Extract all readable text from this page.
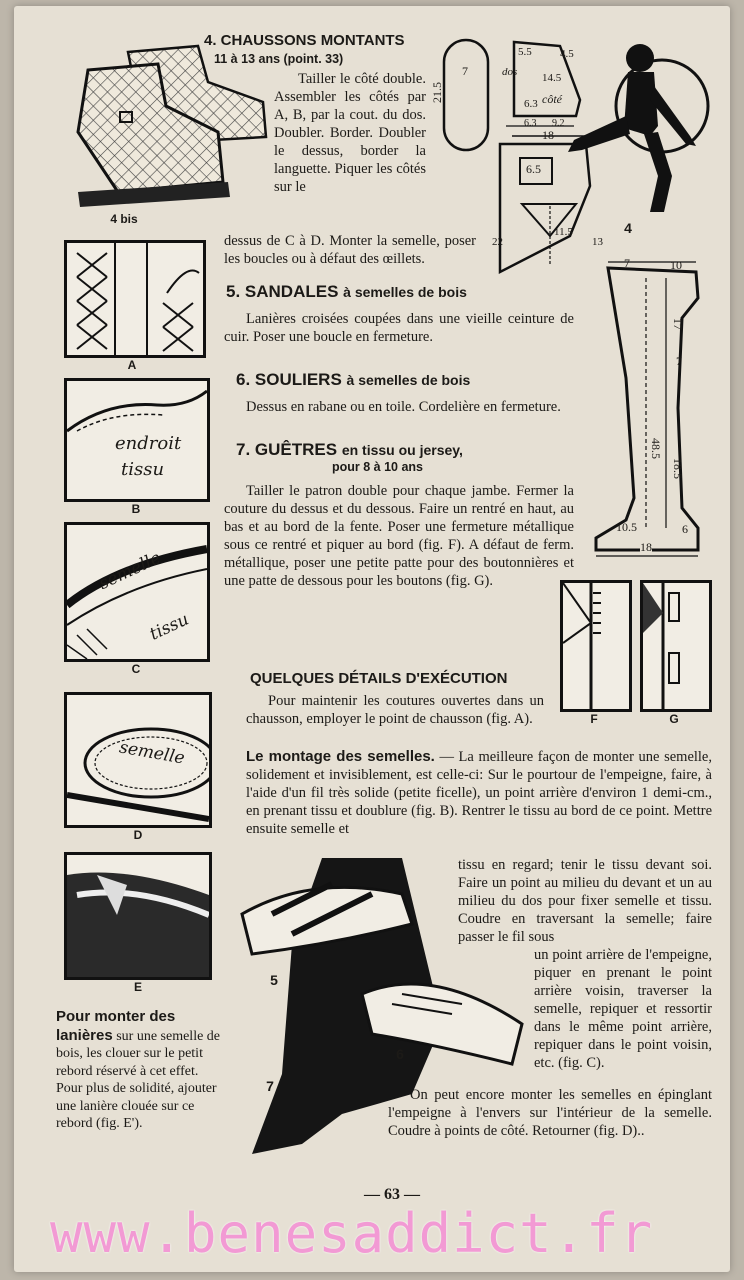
4. CHAUSSONS MONTANTS
11 à 13 ans (point. 33)
Tailler le côté double. Assembler les côtés par A, B, par la cout. du dos. Doubler. Border. Doubler le dessus, border la languette. Piquer les côtés sur le
dessus de C à D. Monter la semelle, poser les boucles ou à défaut des œillets.
4 bis
7
21.5
5.5	4.5
14.5
6.3
6.3 9.2
18
6.5
11.5
22	13
côté
dos
4
A
5. SANDALES à semelles de bois
Lanières croisées coupées dans une vieille ceinture de cuir. Poser une boucle en fermeture.
7	10
17
7
48.5
18.5
10.5	6
18
6. SOULIERS à semelles de bois
Dessus en rabane ou en toile. Cordelière en fermeture.
endroit
tissu
B
7. GUÊTRES en tissu ou jersey,
pour 8 à 10 ans
Tailler le patron double pour chaque jambe. Fermer la couture du dessus et du dessous. Faire un rentré en haut, au bas et au bord de la fente. Poser une fermeture métallique sous ce rentré et piquer au bord (fig. F). A défaut de ferm. métallique, poser une petite patte pour des boutonnières et une patte de dessous pour les boutons (fig. G).
semelle
tissu
C
F	G
QUELQUES DÉTAILS D'EXÉCUTION
Pour maintenir les coutures ouvertes dans un chausson, employer le point de chausson (fig. A).
semelle
D
Le montage des semelles. — La meilleure façon de monter une semelle, solidement et invisiblement, est celle-ci: Sur le pourtour de l'empeigne, faire, à l'aide d'un fil très solide (petite ficelle), un point arrière d'environ 1 demi-cm., en prenant tissu et doublure (fig. B). Rentrer le tissu au bord de ce point. Mettre ensuite semelle et
tissu en regard; tenir le tissu devant soi. Faire un point au milieu du devant et un au milieu du dos pour fixer semelle et tissu. Coudre en traversant la semelle; faire passer le fil sous
un point arrière de l'empeigne, piquer en prenant le point arrière voisin, traverser la semelle, repiquer et ressortir dans le même point arrière, repiquer dans le point voisin, etc. (fig. C).
On peut encore monter les semelles en épinglant l'empeigne à l'envers sur l'intérieur de la semelle. Coudre à points de côté. Retourner (fig. D)..
E	5
6
7
Pour monter des lanières sur une semelle de bois, les clouer sur le petit rebord réservé à cet effet. Pour plus de solidité, ajouter une lanière clouée sur ce rebord (fig. E').
— 63 —
www.benesaddict.fr
